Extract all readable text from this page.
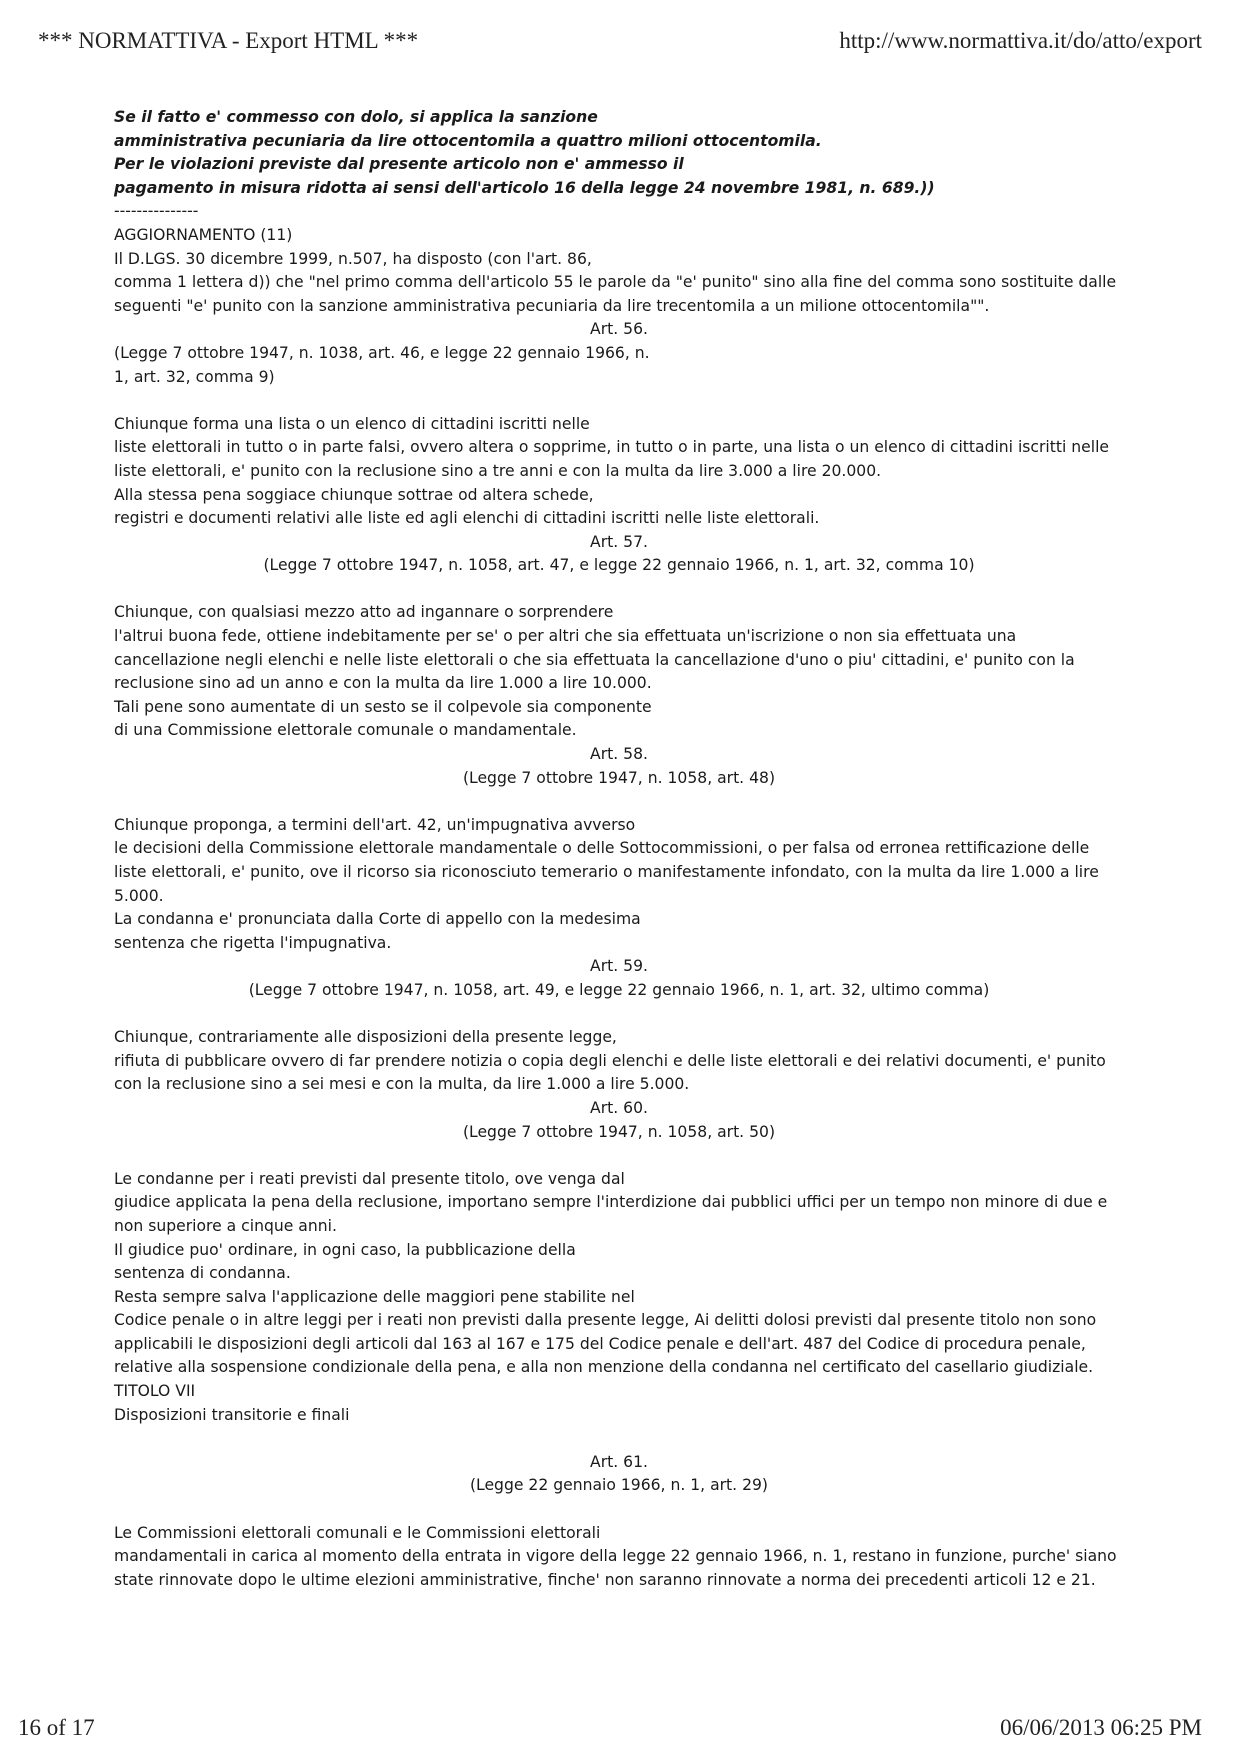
*** NORMATTIVA - Export HTML ***	http://www.normattiva.it/do/atto/export
Se il fatto e' commesso con dolo, si applica la sanzione
amministrativa pecuniaria da lire ottocentomila a quattro milioni ottocentomila.
Per le violazioni previste dal presente articolo non e' ammesso il
pagamento in misura ridotta ai sensi dell'articolo 16 della legge 24 novembre 1981, n. 689.))
---------------
AGGIORNAMENTO (11)
Il D.LGS. 30 dicembre 1999, n.507, ha disposto (con l'art. 86,
comma 1 lettera d)) che "nel primo comma dell'articolo 55 le parole da "e' punito" sino alla fine del comma sono sostituite dalle seguenti "e' punito con la sanzione amministrativa pecuniaria da lire trecentomila a un milione ottocentomila"".
Art. 56.
(Legge 7 ottobre 1947, n. 1038, art. 46, e legge 22 gennaio 1966, n.
1, art. 32, comma 9)
Chiunque forma una lista o un elenco di cittadini iscritti nelle
liste elettorali in tutto o in parte falsi, ovvero altera o sopprime, in tutto o in parte, una lista o un elenco di cittadini iscritti nelle liste elettorali, e' punito con la reclusione sino a tre anni e con la multa da lire 3.000 a lire 20.000.
Alla stessa pena soggiace chiunque sottrae od altera schede,
registri e documenti relativi alle liste ed agli elenchi di cittadini iscritti nelle liste elettorali.
Art. 57.
(Legge 7 ottobre 1947, n. 1058, art. 47, e legge 22 gennaio 1966, n. 1, art. 32, comma 10)
Chiunque, con qualsiasi mezzo atto ad ingannare o sorprendere
l'altrui buona fede, ottiene indebitamente per se' o per altri che sia effettuata un'iscrizione o non sia effettuata una cancellazione negli elenchi e nelle liste elettorali o che sia effettuata la cancellazione d'uno o piu' cittadini, e' punito con la reclusione sino ad un anno e con la multa da lire 1.000 a lire 10.000.
Tali pene sono aumentate di un sesto se il colpevole sia componente
di una Commissione elettorale comunale o mandamentale.
Art. 58.
(Legge 7 ottobre 1947, n. 1058, art. 48)
Chiunque proponga, a termini dell'art. 42, un'impugnativa avverso
le decisioni della Commissione elettorale mandamentale o delle Sottocommissioni, o per falsa od erronea rettificazione delle liste elettorali, e' punito, ove il ricorso sia riconosciuto temerario o manifestamente infondato, con la multa da lire 1.000 a lire 5.000.
La condanna e' pronunciata dalla Corte di appello con la medesima
sentenza che rigetta l'impugnativa.
Art. 59.
(Legge 7 ottobre 1947, n. 1058, art. 49, e legge 22 gennaio 1966, n. 1, art. 32, ultimo comma)
Chiunque, contrariamente alle disposizioni della presente legge,
rifiuta di pubblicare ovvero di far prendere notizia o copia degli elenchi e delle liste elettorali e dei relativi documenti, e' punito con la reclusione sino a sei mesi e con la multa, da lire 1.000 a lire 5.000.
Art. 60.
(Legge 7 ottobre 1947, n. 1058, art. 50)
Le condanne per i reati previsti dal presente titolo, ove venga dal
giudice applicata la pena della reclusione, importano sempre l'interdizione dai pubblici uffici per un tempo non minore di due e non superiore a cinque anni.
Il giudice puo' ordinare, in ogni caso, la pubblicazione della
sentenza di condanna.
Resta sempre salva l'applicazione delle maggiori pene stabilite nel
Codice penale o in altre leggi per i reati non previsti dalla presente legge, Ai delitti dolosi previsti dal presente titolo non sono applicabili le disposizioni degli articoli dal 163 al 167 e 175 del Codice penale e dell'art. 487 del Codice di procedura penale, relative alla sospensione condizionale della pena, e alla non menzione della condanna nel certificato del casellario giudiziale.
TITOLO VII
Disposizioni transitorie e finali
Art. 61.
(Legge 22 gennaio 1966, n. 1, art. 29)
Le Commissioni elettorali comunali e le Commissioni elettorali
mandamentali in carica al momento della entrata in vigore della legge 22 gennaio 1966, n. 1, restano in funzione, purche' siano state rinnovate dopo le ultime elezioni amministrative, finche' non saranno rinnovate a norma dei precedenti articoli 12 e 21.
16 of 17	06/06/2013 06:25 PM
